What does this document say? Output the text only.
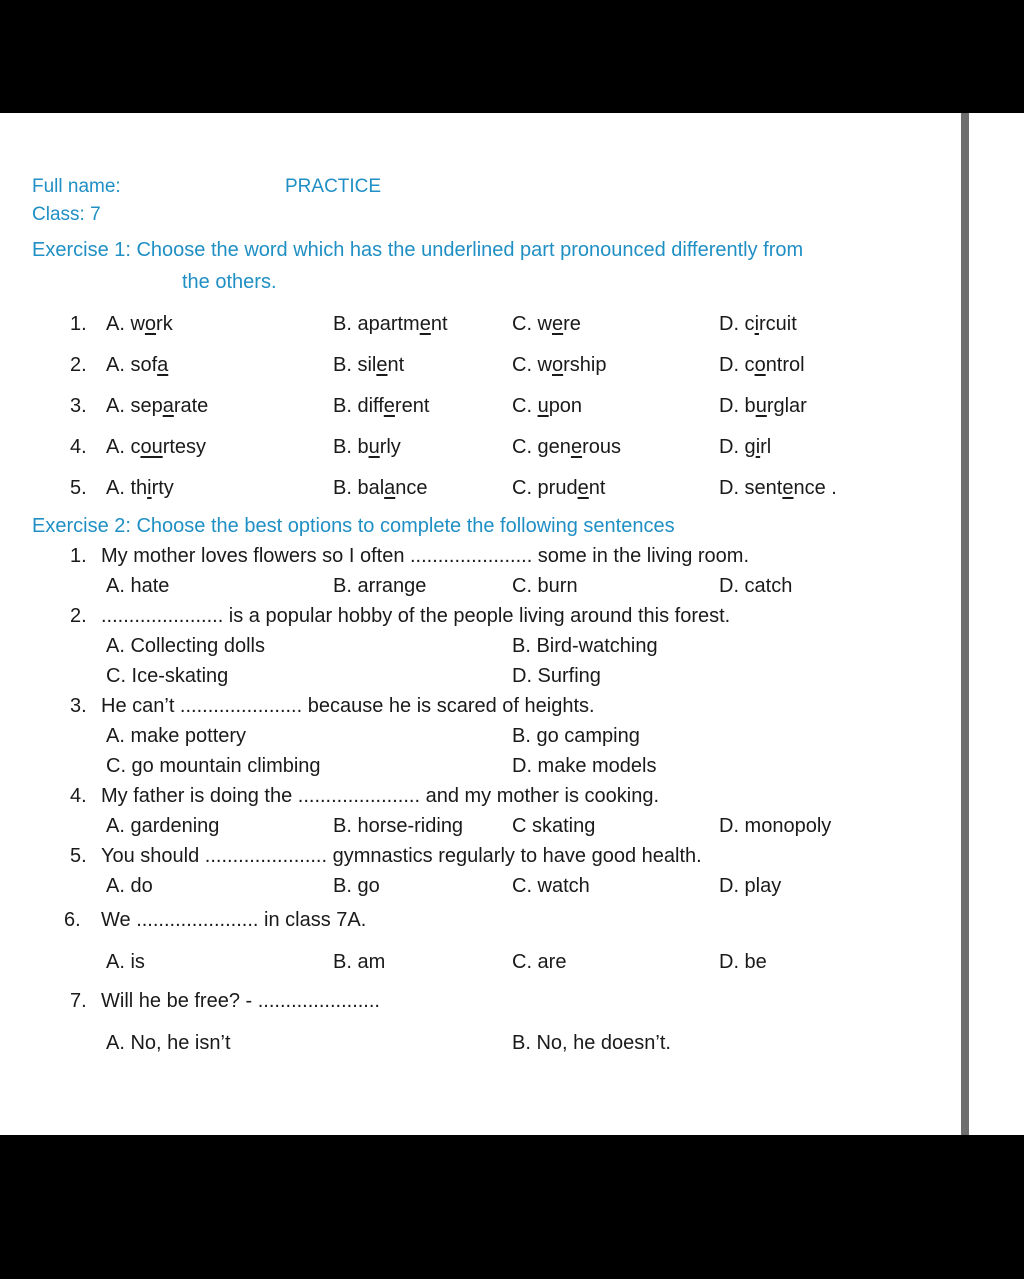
Full name:	PRACTICE
Class: 7
Exercise 1: Choose the word which has the underlined part pronounced differently from
the others.
1. A. work	B. apartment	C. were	D. circuit
2. A. sofa	B. silent	C. worship	D. control
3. A. separate	B. different	C. upon	D. burglar
4. A. courtesy	B. burly	C. generous	D. girl
5. A. thirty	B. balance	C. prudent	D. sentence .
Exercise 2: Choose the best options to complete the following sentences
1. My mother loves flowers so I often ...................... some in the living room.
A. hate	B. arrange	C. burn	D. catch
2. ...................... is a popular hobby of the people living around this forest.
A. Collecting dolls	B. Bird-watching
C. Ice-skating	D. Surfing
3. He can’t ...................... because he is scared of heights.
A. make pottery	B. go camping
C. go mountain climbing	D. make models
4. My father is doing the ...................... and my mother is cooking.
A. gardening	B. horse-riding C skating	D. monopoly
5. You should ...................... gymnastics regularly to have good health.
A. do	B. go	C. watch	D. play
6. We ...................... in class 7A.
A. is	B. am	C. are	D. be
7. Will he be free? - ......................
A. No, he isn’t	B. No, he doesn’t.
